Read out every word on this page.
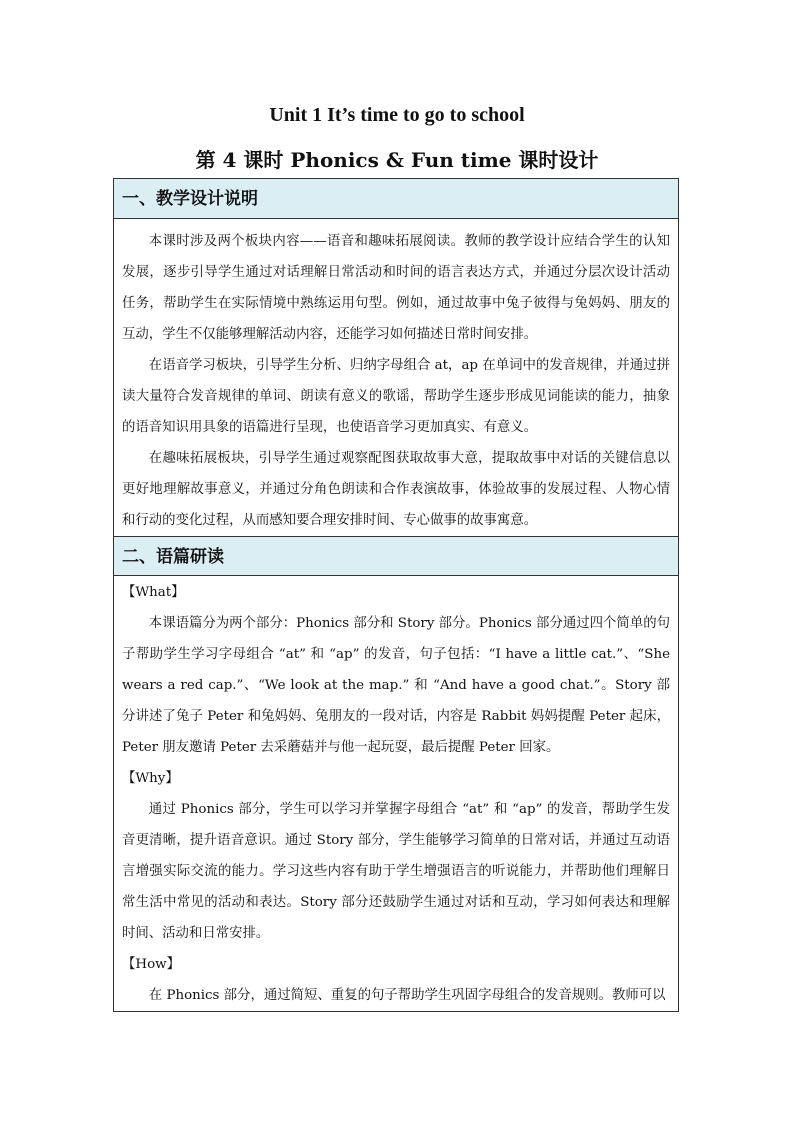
Unit 1 It’s time to go to school
第 4 课时 Phonics & Fun time 课时设计
一、教学设计说明
本课时涉及两个板块内容——语音和趣味拓展阅读。教师的教学设计应结合学生的认知发展，逐步引导学生通过对话理解日常活动和时间的语言表达方式，并通过分层次设计活动任务，帮助学生在实际情境中熟练运用句型。例如，通过故事中兔子彼得与兔妈妈、朋友的互动，学生不仅能够理解活动内容，还能学习如何描述日常时间安排。
在语音学习板块，引导学生分析、归纳字母组合 at，ap 在单词中的发音规律，并通过拼读大量符合发音规律的单词、朗读有意义的歌谣，帮助学生逐步形成见词能读的能力，抽象的语音知识用具象的语篇进行呈现，也使语音学习更加真实、有意义。
在趣味拓展板块，引导学生通过观察配图获取故事大意，提取故事中对话的关键信息以更好地理解故事意义，并通过分角色朗读和合作表演故事，体验故事的发展过程、人物心情和行动的变化过程，从而感知要合理安排时间、专心做事的故事寓意。
二、语篇研读
【What】
本课语篇分为两个部分：Phonics 部分和 Story 部分。Phonics 部分通过四个简单的句子帮助学生学习字母组合 “at” 和 “ap” 的发音，句子包括：“I have a little cat.”、“She wears a red cap.”、“We look at the map.” 和 “And have a good chat.”。Story 部分讲述了兔子 Peter 和兔妈妈、兔朋友的一段对话，内容是 Rabbit 妈妈提醒 Peter 起床，Peter 朋友邀请 Peter 去采蘑菇并与他一起玩耍，最后提醒 Peter 回家。
【Why】
通过 Phonics 部分，学生可以学习并掌握字母组合 “at” 和 “ap” 的发音，帮助学生发音更清晰，提升语音意识。通过 Story 部分，学生能够学习简单的日常对话，并通过互动语言增强实际交流的能力。学习这些内容有助于学生增强语言的听说能力，并帮助他们理解日常生活中常见的活动和表达。Story 部分还鼓励学生通过对话和互动，学习如何表达和理解时间、活动和日常安排。
【How】
在 Phonics 部分，通过简短、重复的句子帮助学生巩固字母组合的发音规则。教师可以
